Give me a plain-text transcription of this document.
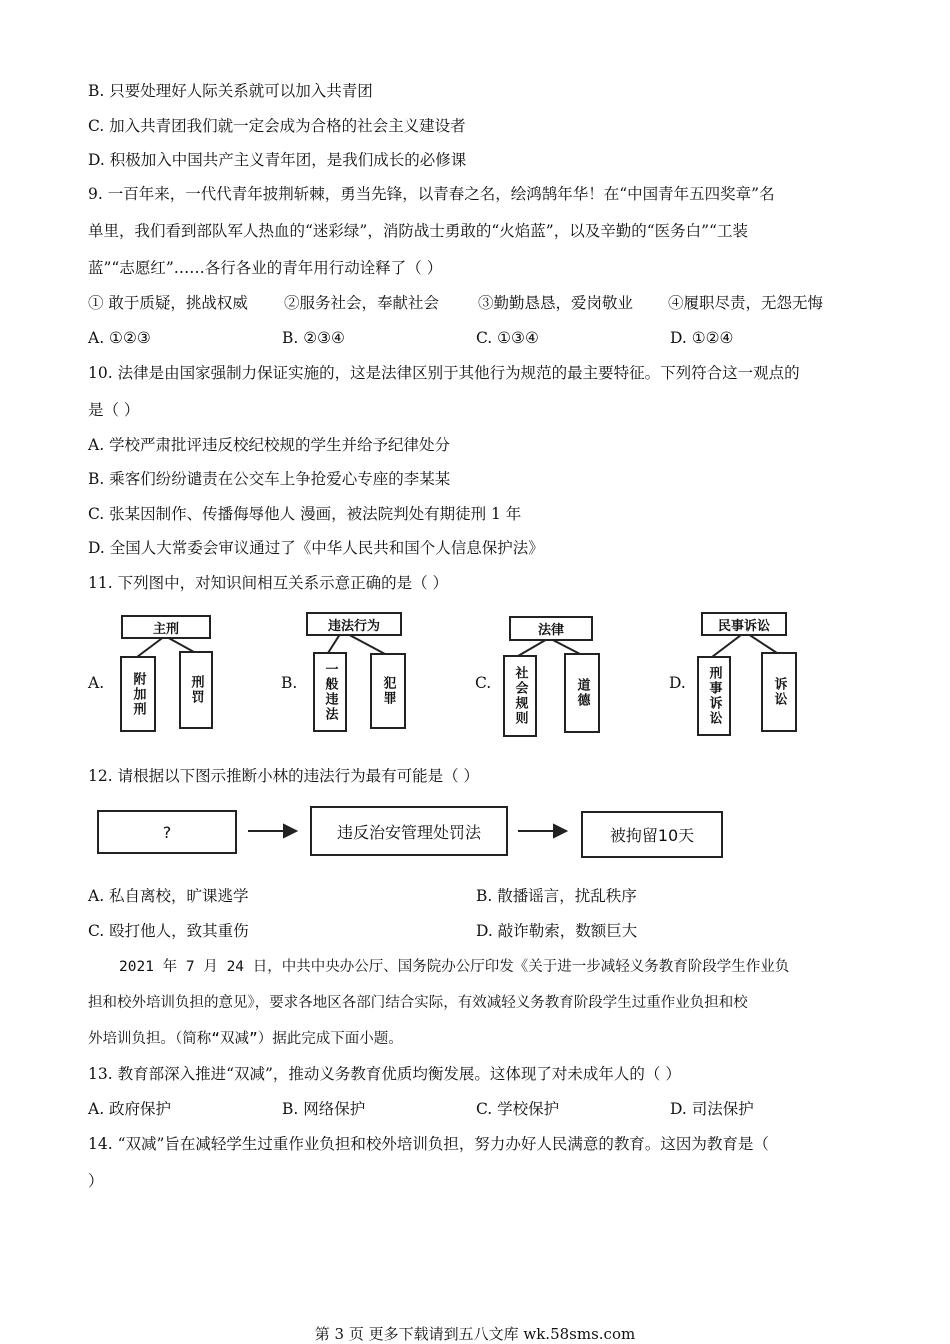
B. 只要处理好人际关系就可以加入共青团
C. 加入共青团我们就一定会成为合格的社会主义建设者
D. 积极加入中国共产主义青年团，是我们成长的必修课
9. 一百年来，一代代青年披荆斩棘，勇当先锋，以青春之名，绘鸿鹄年华！在“中国青年五四奖章”名
单里，我们看到部队军人热血的“迷彩绿”，消防战士勇敢的“火焰蓝”，以及辛勤的“医务白”“工装
蓝”“志愿红”……各行各业的青年用行动诠释了（ ）
① 敢于质疑，挑战权威 ②服务社会，奉献社会	③勤勤恳恳，爱岗敬业 ④履职尽责，无怨无悔
A. ①②③	B. ②③④	C. ①③④	D. ①②④
10. 法律是由国家强制力保证实施的，这是法律区别于其他行为规范的最主要特征。下列符合这一观点的
是（ ）
A. 学校严肃批评违反校纪校规的学生并给予纪律处分
B. 乘客们纷纷谴责在公交车上争抢爱心专座的李某某
C. 张某因制作、传播侮辱他人 漫画，被法院判处有期徒刑 1 年
D. 全国人大常委会审议通过了《中华人民共和国个人信息保护法》
11. 下列图中，对知识间相互关系示意正确的是（ ）
A.
主刑
附加刑	刑罚	B.
违法行为
一般违法	犯罪	C.
法律
社会规则	道德	D.
民事诉讼
刑事诉讼	诉讼
12. 请根据以下图示推断小林的违法行为最有可能是（ ）
?	违反治安管理处罚法	被拘留10天
A. 私自离校，旷课逃学	B. 散播谣言，扰乱秩序
C. 殴打他人，致其重伤	D. 敲诈勒索，数额巨大
2021 年 7 月 24 日，中共中央办公厅、国务院办公厅印发《关于进一步减轻义务教育阶段学生作业负
担和校外培训负担的意见》，要求各地区各部门结合实际，有效减轻义务教育阶段学生过重作业负担和校
外培训负担。（简称“双减”）据此完成下面小题。
13. 教育部深入推进“双减”，推动义务教育优质均衡发展。这体现了对未成年人的（ ）
A. 政府保护	B. 网络保护	C. 学校保护	D. 司法保护
14. “双减”旨在减轻学生过重作业负担和校外培训负担，努力办好人民满意的教育。这因为教育是（
）
第 3 页 更多下载请到五八文库 wk.58sms.com
